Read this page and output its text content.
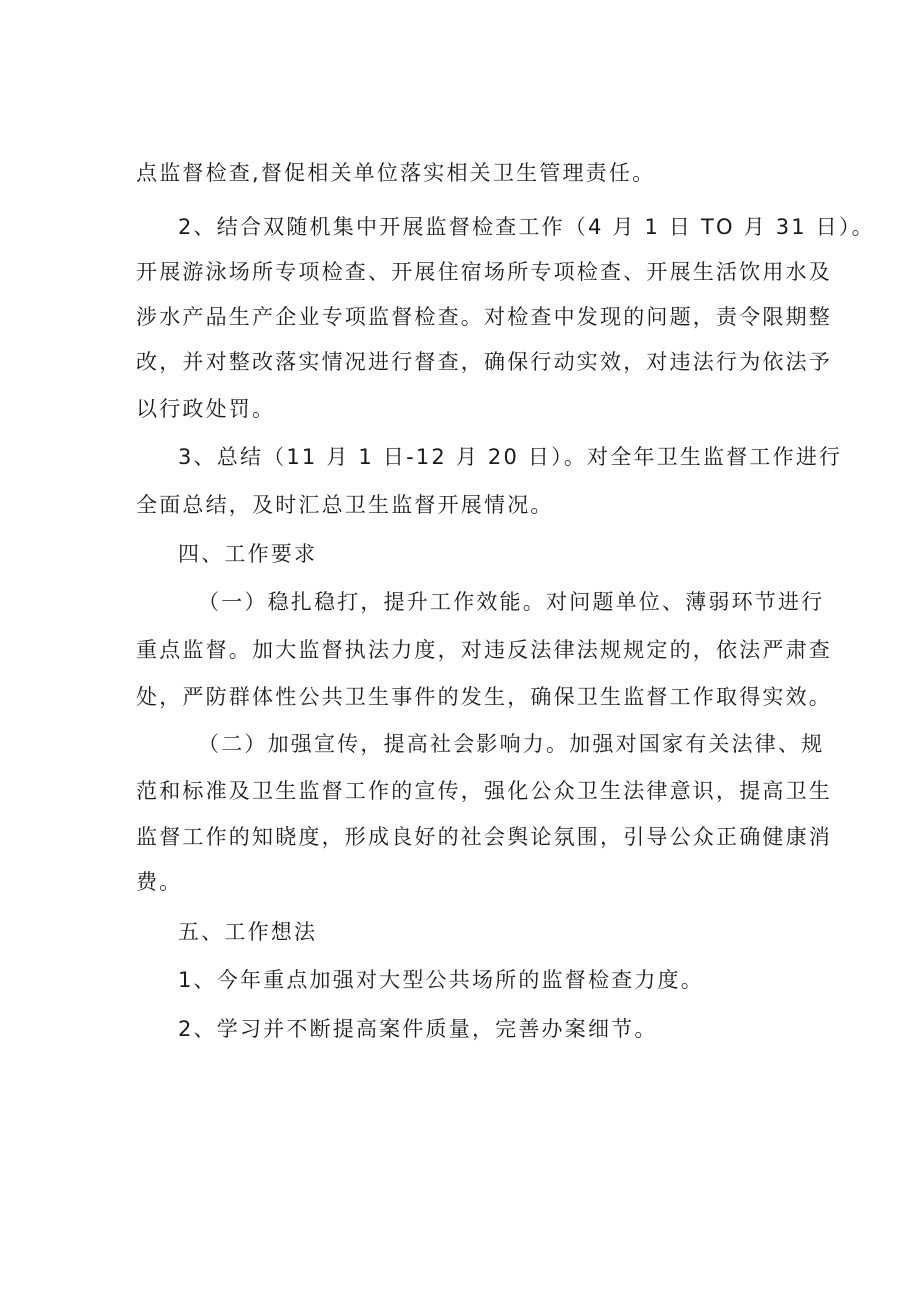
点监督检查,督促相关单位落实相关卫生管理责任。
2、结合双随机集中开展监督检查工作（4 月 1 日 TO 月 31 日）。
开展游泳场所专项检查、开展住宿场所专项检查、开展生活饮用水及
涉水产品生产企业专项监督检查。对检查中发现的问题，责令限期整
改，并对整改落实情况进行督查，确保行动实效，对违法行为依法予
以行政处罚。
3、总结（11 月 1 日-12 月 20 日）。对全年卫生监督工作进行
全面总结，及时汇总卫生监督开展情况。
四、工作要求
（一）稳扎稳打，提升工作效能。对问题单位、薄弱环节进行
重点监督。加大监督执法力度，对违反法律法规规定的，依法严肃查
处，严防群体性公共卫生事件的发生，确保卫生监督工作取得实效。
（二）加强宣传，提高社会影响力。加强对国家有关法律、规
范和标准及卫生监督工作的宣传，强化公众卫生法律意识，提高卫生
监督工作的知晓度，形成良好的社会舆论氛围，引导公众正确健康消
费。
五、工作想法
1、今年重点加强对大型公共场所的监督检查力度。
2、学习并不断提高案件质量，完善办案细节。
